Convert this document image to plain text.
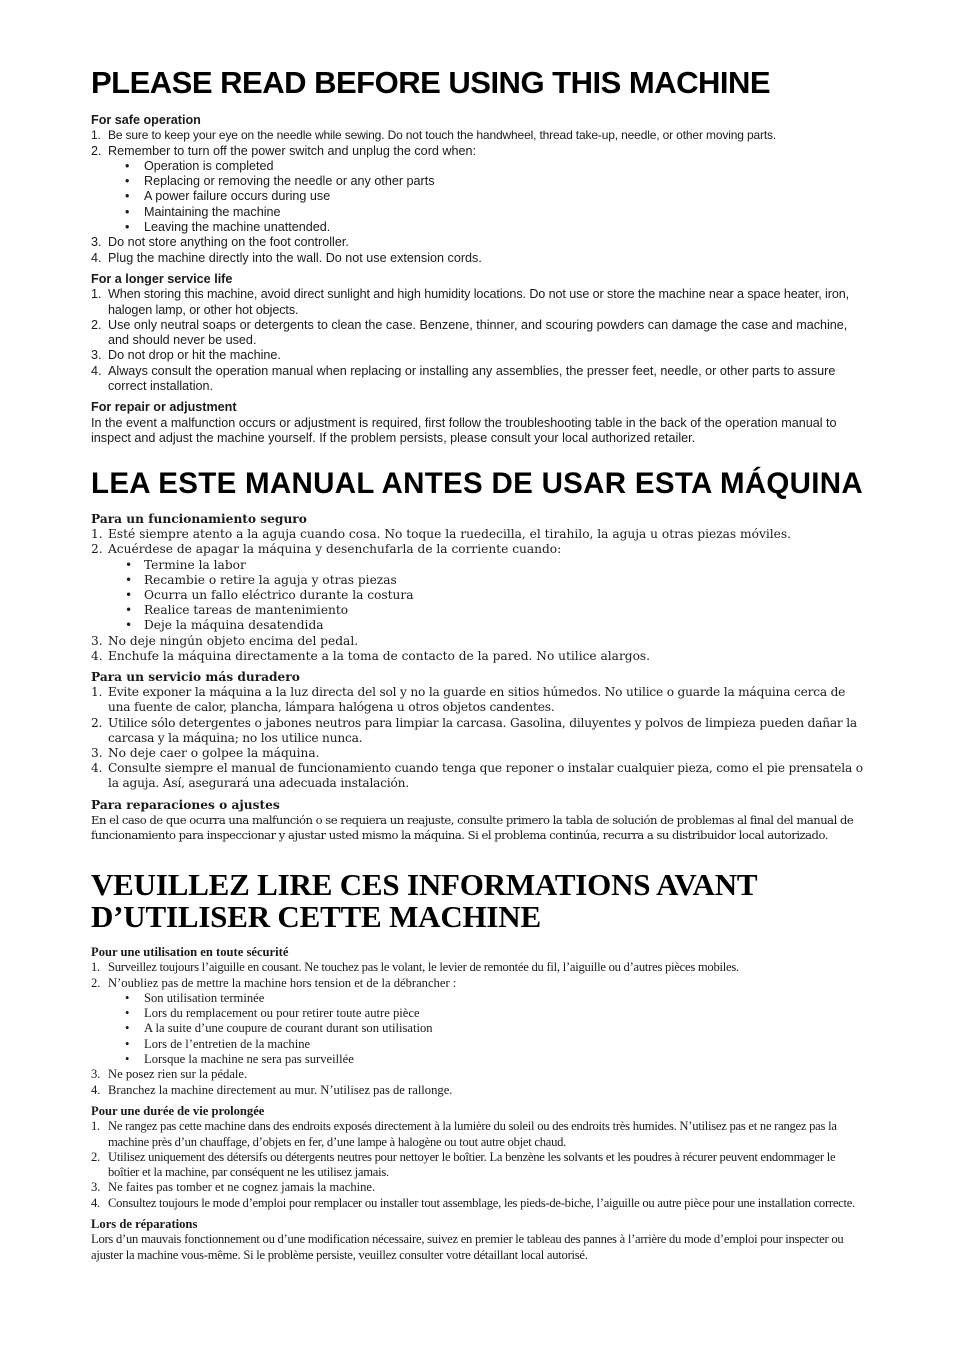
PLEASE READ BEFORE USING THIS MACHINE
For safe operation
1. Be sure to keep your eye on the needle while sewing. Do not touch the handwheel, thread take-up, needle, or other moving parts.
2. Remember to turn off the power switch and unplug the cord when:
• Operation is completed
• Replacing or removing the needle or any other parts
• A power failure occurs during use
• Maintaining the machine
• Leaving the machine unattended.
3. Do not store anything on the foot controller.
4. Plug the machine directly into the wall. Do not use extension cords.
For a longer service life
1. When storing this machine, avoid direct sunlight and high humidity locations. Do not use or store the machine near a space heater, iron, halogen lamp, or other hot objects.
2. Use only neutral soaps or detergents to clean the case. Benzene, thinner, and scouring powders can damage the case and machine, and should never be used.
3. Do not drop or hit the machine.
4. Always consult the operation manual when replacing or installing any assemblies, the presser feet, needle, or other parts to assure correct installation.
For repair or adjustment
In the event a malfunction occurs or adjustment is required, first follow the troubleshooting table in the back of the operation manual to inspect and adjust the machine yourself. If the problem persists, please consult your local authorized retailer.
LEA ESTE MANUAL ANTES DE USAR ESTA MÁQUINA
Para un funcionamiento seguro
1. Esté siempre atento a la aguja cuando cosa. No toque la ruedecilla, el tirahilo, la aguja u otras piezas móviles.
2. Acuérdese de apagar la máquina y desenchufarla de la corriente cuando:
• Termine la labor
• Recambie o retire la aguja y otras piezas
• Ocurra un fallo eléctrico durante la costura
• Realice tareas de mantenimiento
• Deje la máquina desatendida
3. No deje ningún objeto encima del pedal.
4. Enchufe la máquina directamente a la toma de contacto de la pared. No utilice alargos.
Para un servicio más duradero
1. Evite exponer la máquina a la luz directa del sol y no la guarde en sitios húmedos. No utilice o guarde la máquina cerca de una fuente de calor, plancha, lámpara halógena u otros objetos candentes.
2. Utilice sólo detergentes o jabones neutros para limpiar la carcasa. Gasolina, diluyentes y polvos de limpieza pueden dañar la carcasa y la máquina; no los utilice nunca.
3. No deje caer o golpee la máquina.
4. Consulte siempre el manual de funcionamiento cuando tenga que reponer o instalar cualquier pieza, como el pie prensatela o la aguja. Así, asegurará una adecuada instalación.
Para reparaciones o ajustes
En el caso de que ocurra una malfunción o se requiera un reajuste, consulte primero la tabla de solución de problemas al final del manual de funcionamiento para inspeccionar y ajustar usted mismo la máquina. Si el problema continúa, recurra a su distribuidor local autorizado.
VEUILLEZ LIRE CES INFORMATIONS AVANT D’UTILISER CETTE MACHINE
Pour une utilisation en toute sécurité
1. Surveillez toujours l’aiguille en cousant. Ne touchez pas le volant, le levier de remontée du fil, l’aiguille ou d’autres pièces mobiles.
2. N’oubliez pas de mettre la machine hors tension et de la débrancher :
• Son utilisation terminée
• Lors du remplacement ou pour retirer toute autre pièce
• A la suite d’une coupure de courant durant son utilisation
• Lors de l’entretien de la machine
• Lorsque la machine ne sera pas surveillée
3. Ne posez rien sur la pédale.
4. Branchez la machine directement au mur. N’utilisez pas de rallonge.
Pour une durée de vie prolongée
1. Ne rangez pas cette machine dans des endroits exposés directement à la lumière du soleil ou des endroits très humides. N’utilisez pas et ne rangez pas la machine près d’un chauffage, d’objets en fer, d’une lampe à halogène ou tout autre objet chaud.
2. Utilisez uniquement des détersifs ou détergents neutres pour nettoyer le boîtier. La benzène les solvants et les poudres à récurer peuvent endommager le boîtier et la machine, par conséquent ne les utilisez jamais.
3. Ne faites pas tomber et ne cognez jamais la machine.
4. Consultez toujours le mode d’emploi pour remplacer ou installer tout assemblage, les pieds-de-biche, l’aiguille ou autre pièce pour une installation correcte.
Lors de réparations
Lors d’un mauvais fonctionnement ou d’une modification nécessaire, suivez en premier le tableau des pannes à l’arrière du mode d’emploi pour inspecter ou ajuster la machine vous-même. Si le problème persiste, veuillez consulter votre détaillant local autorisé.
